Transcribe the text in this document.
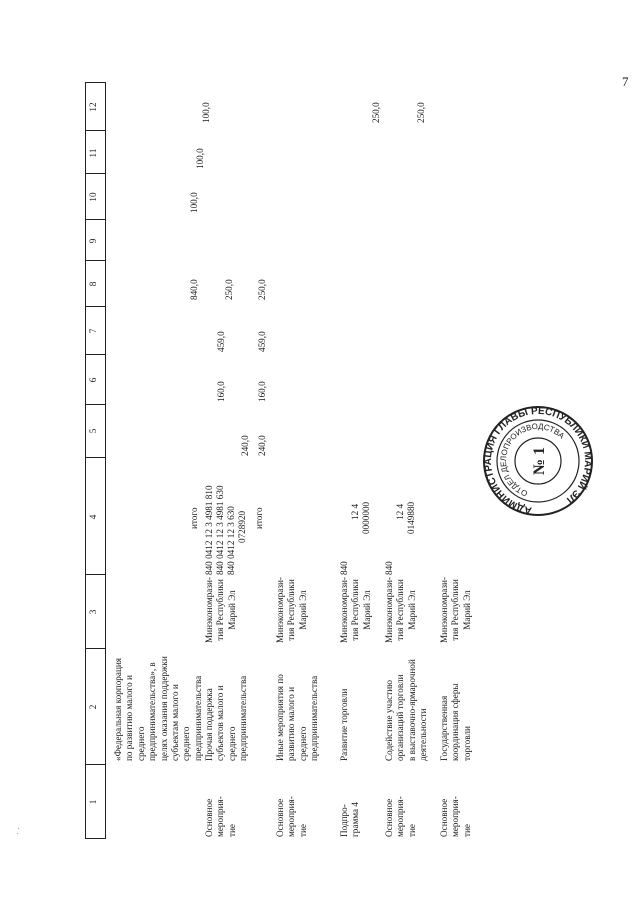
7
1
2
3
4
5
6
7
8
9
10
11
12
«Федеральная корпорация по развитию малого и среднего предпринимательства», в целях оказания поддержки субъектам малого и среднего предпринимательства
Основное мероприя- тие
Прочая поддержка субъектов малого и среднего предпринимательства
Минэкономрази- тия Республики Марий Эл
итого
840,0
100,0
100,0
100,0
840 0412 12 3 4981 810
240,0
840 0412 12 3 4981 630
160,0
459,0
840 0412 12 3 630 0728920
250,0
Основное мероприя- тие
Иные мероприятия по развитию малого и среднего предпринимательства
Минэкономрази- тия Республики Марий Эл
итого
240,0
160,0
459,0
250,0
Подпро- грамма 4
Развитие торговли
Минэкономрази- тия Республики Марий Эл
840
12 4 0000000
250,0
Основное мероприя- тие
Содействие участию организаций торговли в выставочно-ярмарочной деятельности
Минэкономрази- тия Республики Марий Эл
840
12 4 0149880
250,0
Основное мероприя- тие
Государственная координация сферы торговли
Минэкономрази- тия Республики Марий Эл
АДМИНИСТРАЦИЯ ГЛАВЫ РЕСПУБЛИКИ МАРИЙ ЭЛ
ОТДЕЛ ДЕЛОПРОИЗВОДСТВА
№ 1
· ·
